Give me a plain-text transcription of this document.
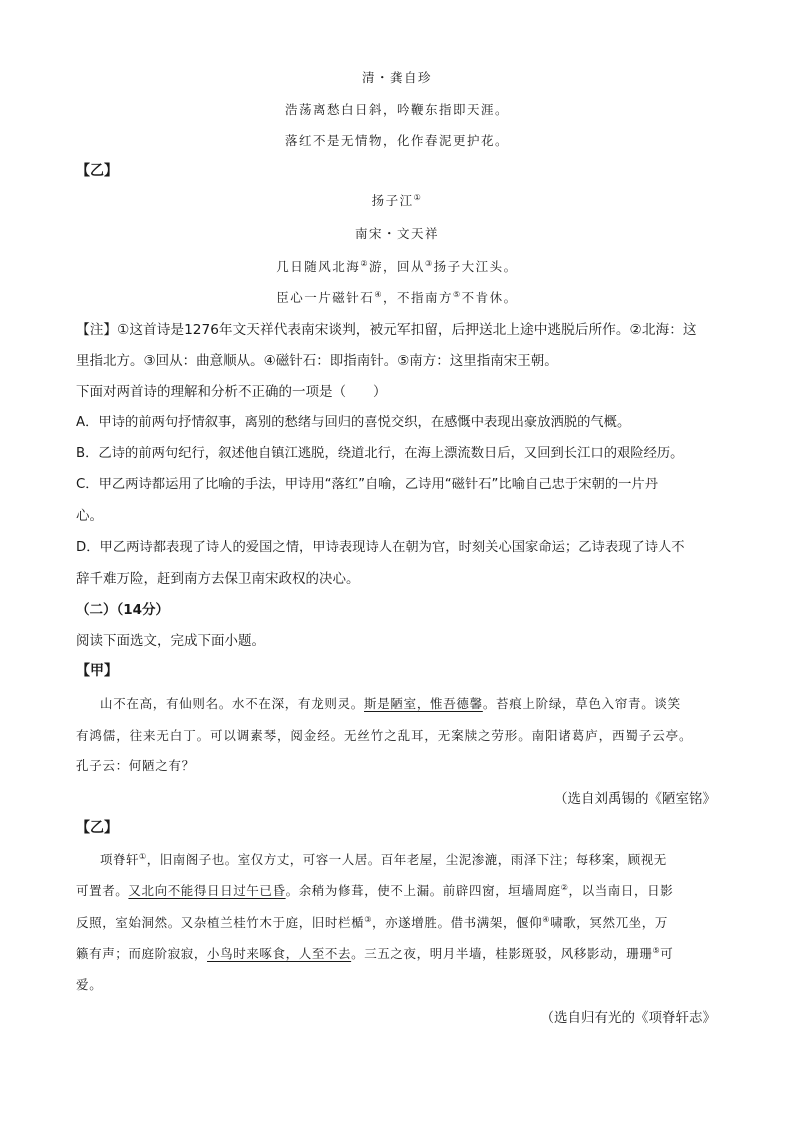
清・龚自珍
浩荡离愁白日斜，吟鞭东指即天涯。
落红不是无情物，化作春泥更护花。
【乙】
扬子江①
南宋・文天祥
几日随风北海②游，回从③扬子大江头。
臣心一片磁针石④，不指南方⑤不肯休。
【注】①这首诗是1276年文天祥代表南宋谈判，被元军扣留，后押送北上途中逃脱后所作。②北海：这
里指北方。③回从：曲意顺从。④磁针石：即指南针。⑤南方：这里指南宋王朝。
下面对两首诗的理解和分析不正确的一项是（　　）
A．甲诗的前两句抒情叙事，离别的愁绪与回归的喜悦交织，在感慨中表现出豪放洒脱的气概。
B．乙诗的前两句纪行，叙述他自镇江逃脱，绕道北行，在海上漂流数日后，又回到长江口的艰险经历。
C．甲乙两诗都运用了比喻的手法，甲诗用“落红”自喻，乙诗用“磁针石”比喻自己忠于宋朝的一片丹
心。
D．甲乙两诗都表现了诗人的爱国之情，甲诗表现诗人在朝为官，时刻关心国家命运；乙诗表现了诗人不
辞千难万险，赶到南方去保卫南宋政权的决心。
（二）（14分）
阅读下面选文，完成下面小题。
【甲】
山不在高，有仙则名。水不在深，有龙则灵。斯是陋室，惟吾德馨。苔痕上阶绿，草色入帘青。谈笑
有鸿儒，往来无白丁。可以调素琴，阅金经。无丝竹之乱耳，无案牍之劳形。南阳诸葛庐，西蜀子云亭。
孔子云：何陋之有？
（选自刘禹锡的《陋室铭》
【乙】
项脊轩①，旧南阁子也。室仅方丈，可容一人居。百年老屋，尘泥渗漉，雨泽下注；每移案，顾视无
可置者。又北向不能得日日过午已昏。余稍为修葺，使不上漏。前辟四窗，垣墙周庭②，以当南日，日影
反照，室始洞然。又杂植兰桂竹木于庭，旧时栏楯③，亦遂增胜。借书满架，偃仰④啸歌，冥然兀坐，万
籁有声；而庭阶寂寂，小鸟时来啄食，人至不去。三五之夜，明月半墙，桂影斑驳，风移影动，珊珊⑤可
爱。
（选自归有光的《项脊轩志》
